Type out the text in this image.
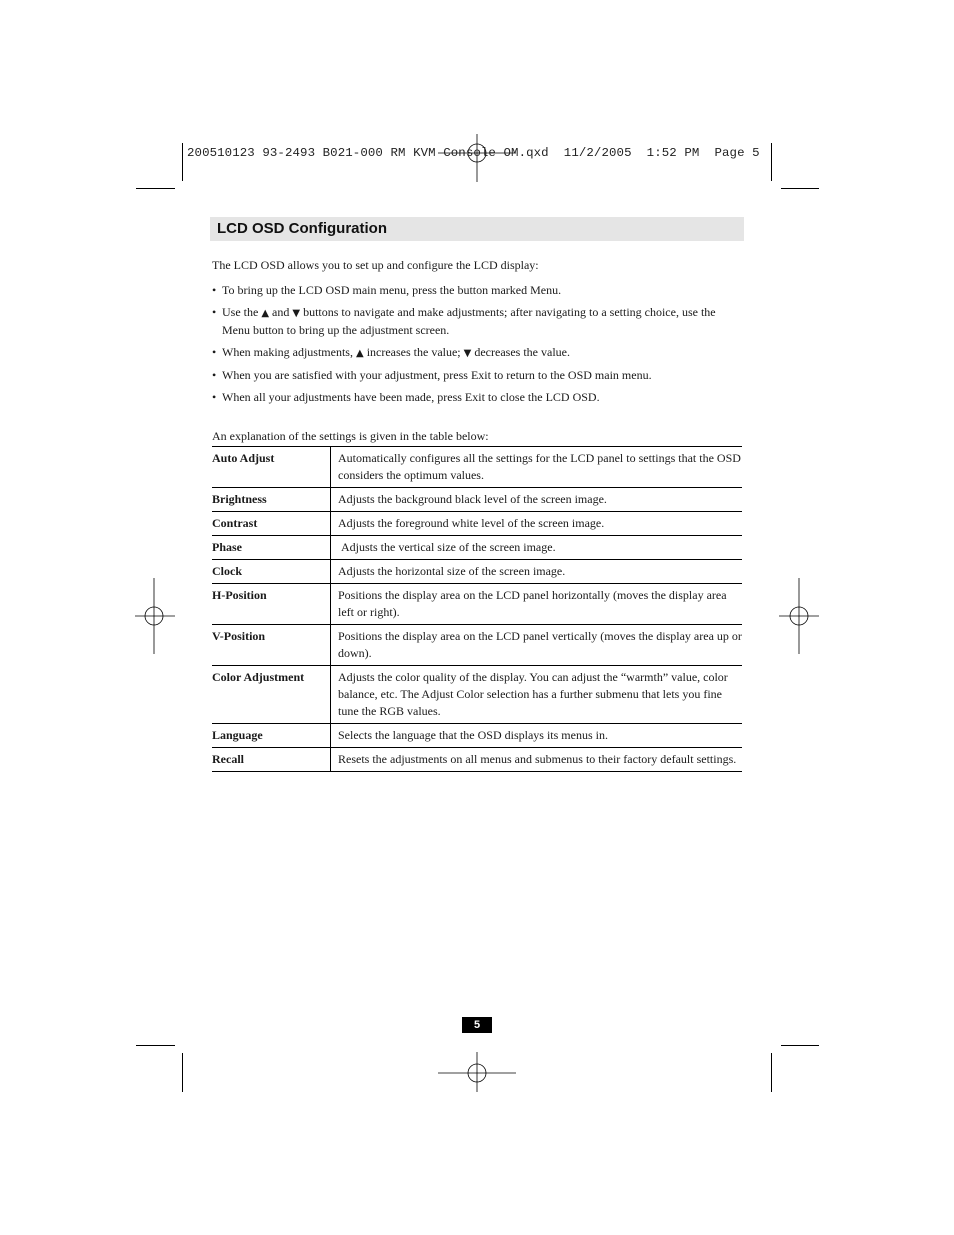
200510123 93-2493 B021-000 RM KVM Console OM.qxd  11/2/2005  1:52 PM  Page 5
LCD OSD Configuration

The LCD OSD allows you to set up and configure the LCD display:

• To bring up the LCD OSD main menu, press the button marked Menu.
• Use the ▲ and ▼ buttons to navigate and make adjustments; after navigating to a setting choice, use the Menu button to bring up the adjustment screen.
• When making adjustments, ▲ increases the value; ▼ decreases the value.
• When you are satisfied with your adjustment, press Exit to return to the OSD main menu.
• When all your adjustments have been made, press Exit to close the LCD OSD.

An explanation of the settings is given in the table below:

Auto Adjust	Automatically configures all the settings for the LCD panel to settings that the OSD considers the optimum values.
Brightness	Adjusts the background black level of the screen image.
Contrast	Adjusts the foreground white level of the screen image.
Phase	Adjusts the vertical size of the screen image.
Clock	Adjusts the horizontal size of the screen image.
H-Position	Positions the display area on the LCD panel horizontally (moves the display area left or right).
V-Position	Positions the display area on the LCD panel vertically (moves the display area up or down).
Color Adjustment	Adjusts the color quality of the display. You can adjust the “warmth” value, color balance, etc. The Adjust Color selection has a further submenu that lets you fine tune the RGB values.
Language	Selects the language that the OSD displays its menus in.
Recall	Resets the adjustments on all menus and submenus to their factory default settings.
5
